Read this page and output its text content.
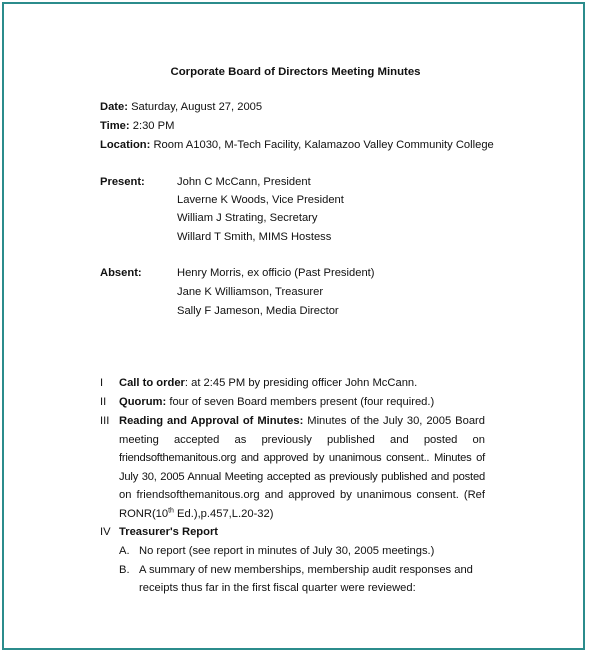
Corporate Board of Directors Meeting Minutes
Date: Saturday, August 27, 2005
Time: 2:30 PM
Location: Room A1030, M-Tech Facility, Kalamazoo Valley Community College
Present:	John C McCann, President
Laverne K Woods, Vice President
William J Strating, Secretary
Willard T Smith, MIMS Hostess
Absent:	Henry Morris, ex officio (Past President)
Jane K Williamson, Treasurer
Sally F Jameson, Media Director
I Call to order: at 2:45 PM by presiding officer John McCann.
II Quorum: four of seven Board members present (four required.)
III Reading and Approval of Minutes: Minutes of the July 30, 2005 Board
meeting accepted as previously published and posted on
friendsofthemanitous.org and approved by unanimous consent.. Minutes of
July 30, 2005 Annual Meeting accepted as previously published and posted
on friendsofthemanitous.org and approved by unanimous consent. (Ref
RONR(10th Ed.),p.457,L.20-32)
IV Treasurer's Report
A. No report (see report in minutes of July 30, 2005 meetings.)
B. A summary of new memberships, membership audit responses and
receipts thus far in the first fiscal quarter were reviewed:
